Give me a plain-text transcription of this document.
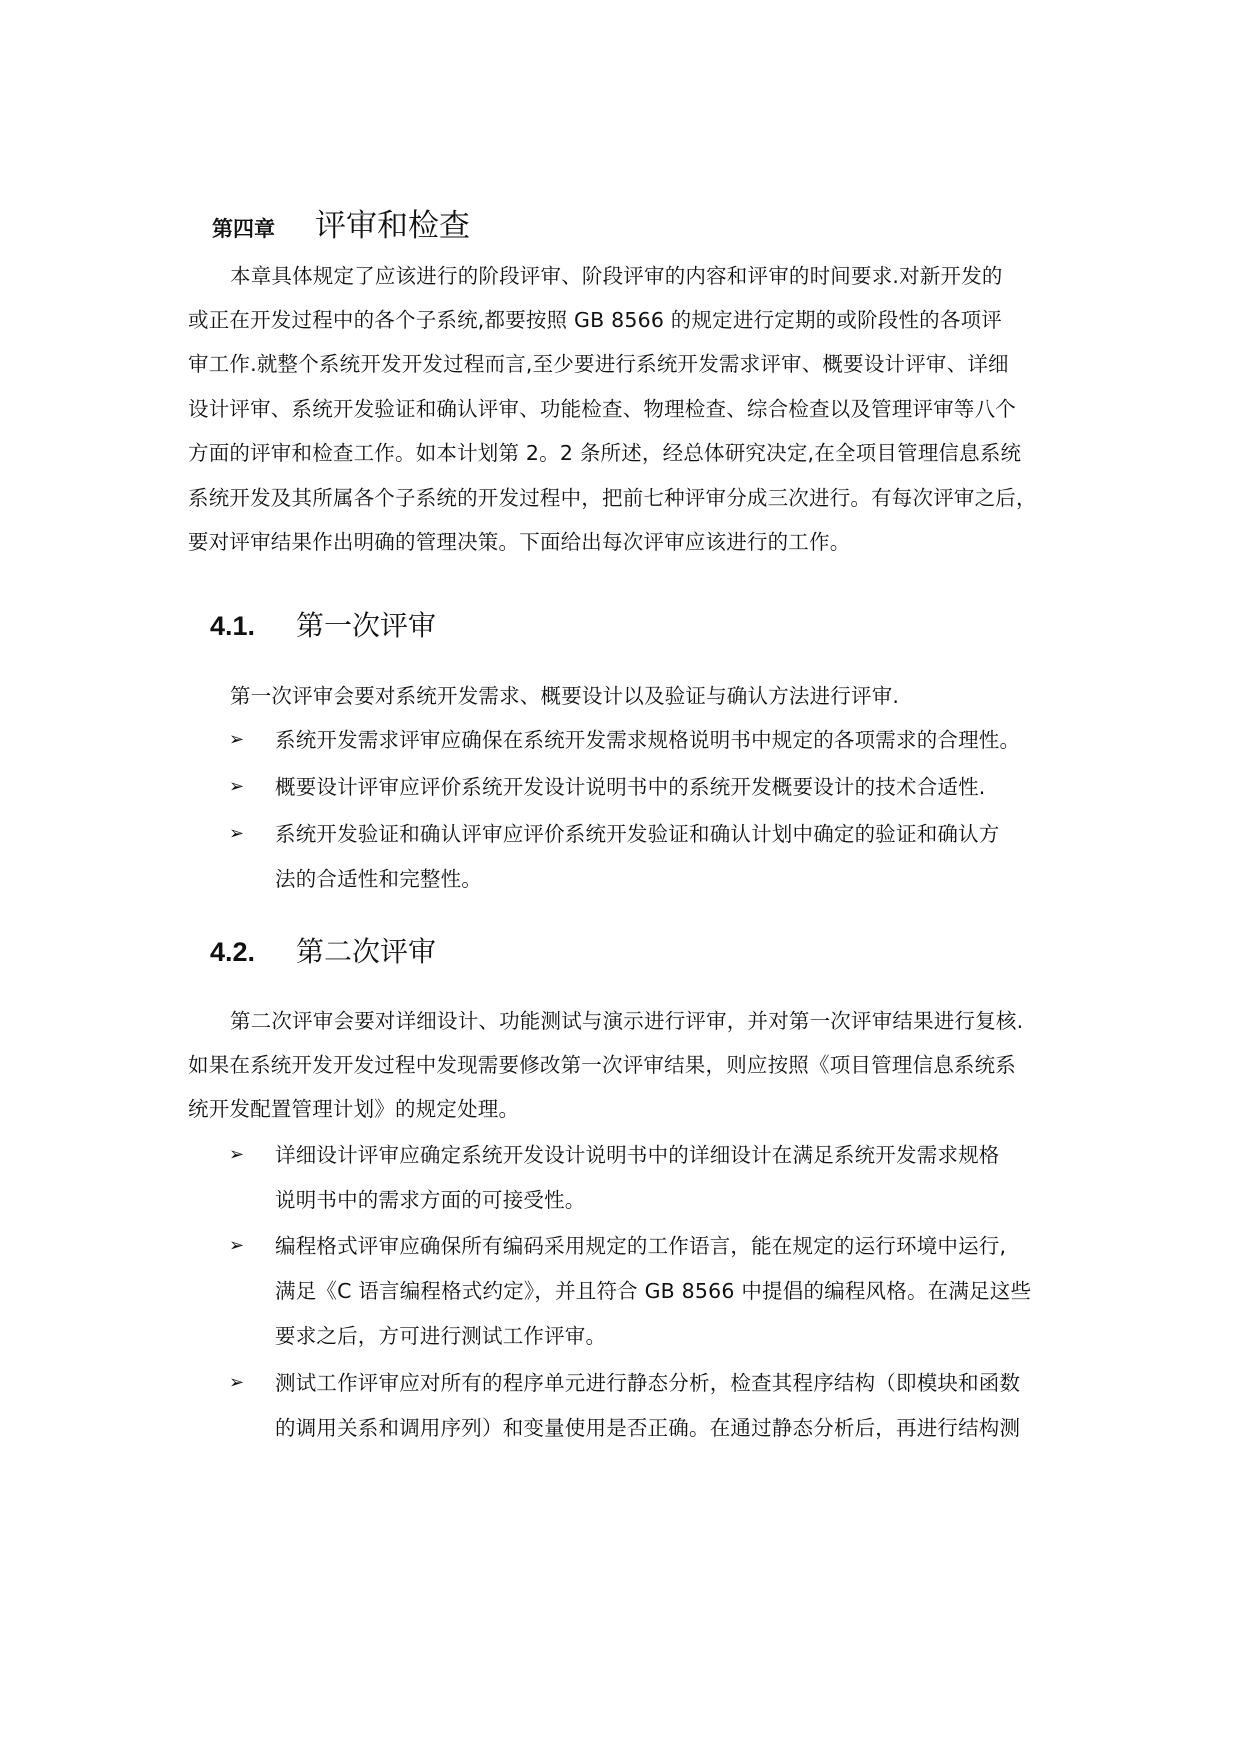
第四章 评审和检查
本章具体规定了应该进行的阶段评审、阶段评审的内容和评审的时间要求.对新开发的
或正在开发过程中的各个子系统,都要按照 GB 8566 的规定进行定期的或阶段性的各项评
审工作.就整个系统开发开发过程而言,至少要进行系统开发需求评审、概要设计评审、详细
设计评审、系统开发验证和确认评审、功能检查、物理检查、综合检查以及管理评审等八个
方面的评审和检查工作。如本计划第 2。2 条所述，经总体研究决定,在全项目管理信息系统
系统开发及其所属各个子系统的开发过程中，把前七种评审分成三次进行。有每次评审之后，
要对评审结果作出明确的管理决策。下面给出每次评审应该进行的工作。
4.1.	第一次评审
第一次评审会要对系统开发需求、概要设计以及验证与确认方法进行评审.
➢ 系统开发需求评审应确保在系统开发需求规格说明书中规定的各项需求的合理性。
➢ 概要设计评审应评价系统开发设计说明书中的系统开发概要设计的技术合适性.
➢ 系统开发验证和确认评审应评价系统开发验证和确认计划中确定的验证和确认方
法的合适性和完整性。
4.2.	第二次评审
第二次评审会要对详细设计、功能测试与演示进行评审，并对第一次评审结果进行复核.
如果在系统开发开发过程中发现需要修改第一次评审结果，则应按照《项目管理信息系统系
统开发配置管理计划》的规定处理。
➢ 详细设计评审应确定系统开发设计说明书中的详细设计在满足系统开发需求规格
说明书中的需求方面的可接受性。
➢ 编程格式评审应确保所有编码采用规定的工作语言，能在规定的运行环境中运行,
满足《C 语言编程格式约定》，并且符合 GB 8566 中提倡的编程风格。在满足这些
要求之后，方可进行测试工作评审。
➢ 测试工作评审应对所有的程序单元进行静态分析，检查其程序结构（即模块和函数
的调用关系和调用序列）和变量使用是否正确。在通过静态分析后，再进行结构测
